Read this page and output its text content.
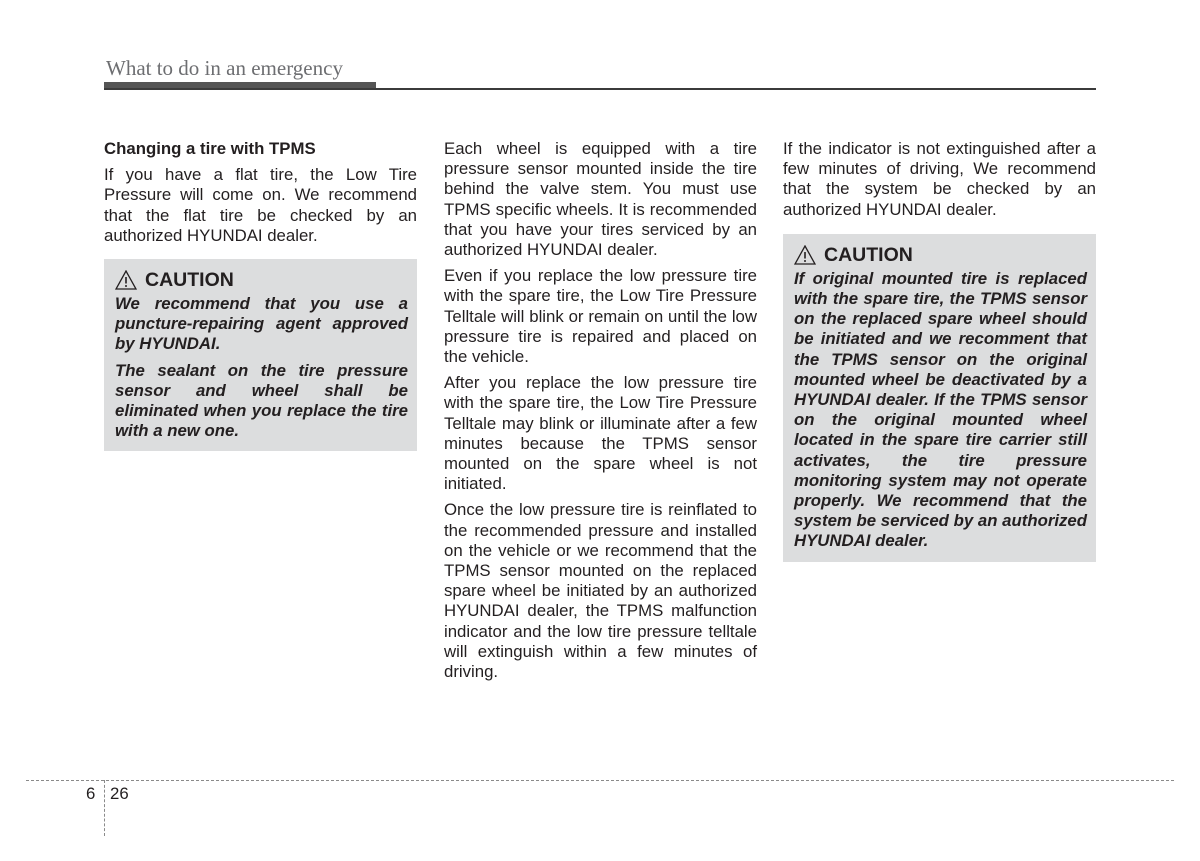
What to do in an emergency

Changing a tire with TPMS

If you have a flat tire, the Low Tire Pressure will come on. We recommend that the flat tire be checked by an authorized HYUNDAI dealer.

CAUTION

We recommend that you use a puncture-repairing agent approved by HYUNDAI.

The sealant on the tire pressure sensor and wheel shall be eliminated when you replace the tire with a new one.

Each wheel is equipped with a tire pressure sensor mounted inside the tire behind the valve stem. You must use TPMS specific wheels. It is recommended that you have your tires serviced by an authorized HYUNDAI dealer.

Even if you replace the low pressure tire with the spare tire, the Low Tire Pressure Telltale will blink or remain on until the low pressure tire is repaired and placed on the vehicle.

After you replace the low pressure tire with the spare tire, the Low Tire Pressure Telltale may blink or illuminate after a few minutes because the TPMS sensor mounted on the spare wheel is not initiated.

Once the low pressure tire is reinflated to the recommended pressure and installed on the vehicle or we recommend that the TPMS sensor mounted on the replaced spare wheel be initiated by an authorized HYUNDAI dealer, the TPMS malfunction indicator and the low tire pressure telltale will extinguish within a few minutes of driving.

If the indicator is not extinguished after a few minutes of driving, We recommend that the system be checked by an authorized HYUNDAI dealer.

CAUTION

If original mounted tire is replaced with the spare tire, the TPMS sensor on the replaced spare wheel should be initiated and we recomment that the TPMS sensor on the original mounted wheel be deactivated by a HYUNDAI dealer. If the TPMS sensor on the original mounted wheel located in the spare tire carrier still activates, the tire pressure monitoring system may not operate properly. We recommend that the system be serviced by an authorized HYUNDAI dealer.

6 26
